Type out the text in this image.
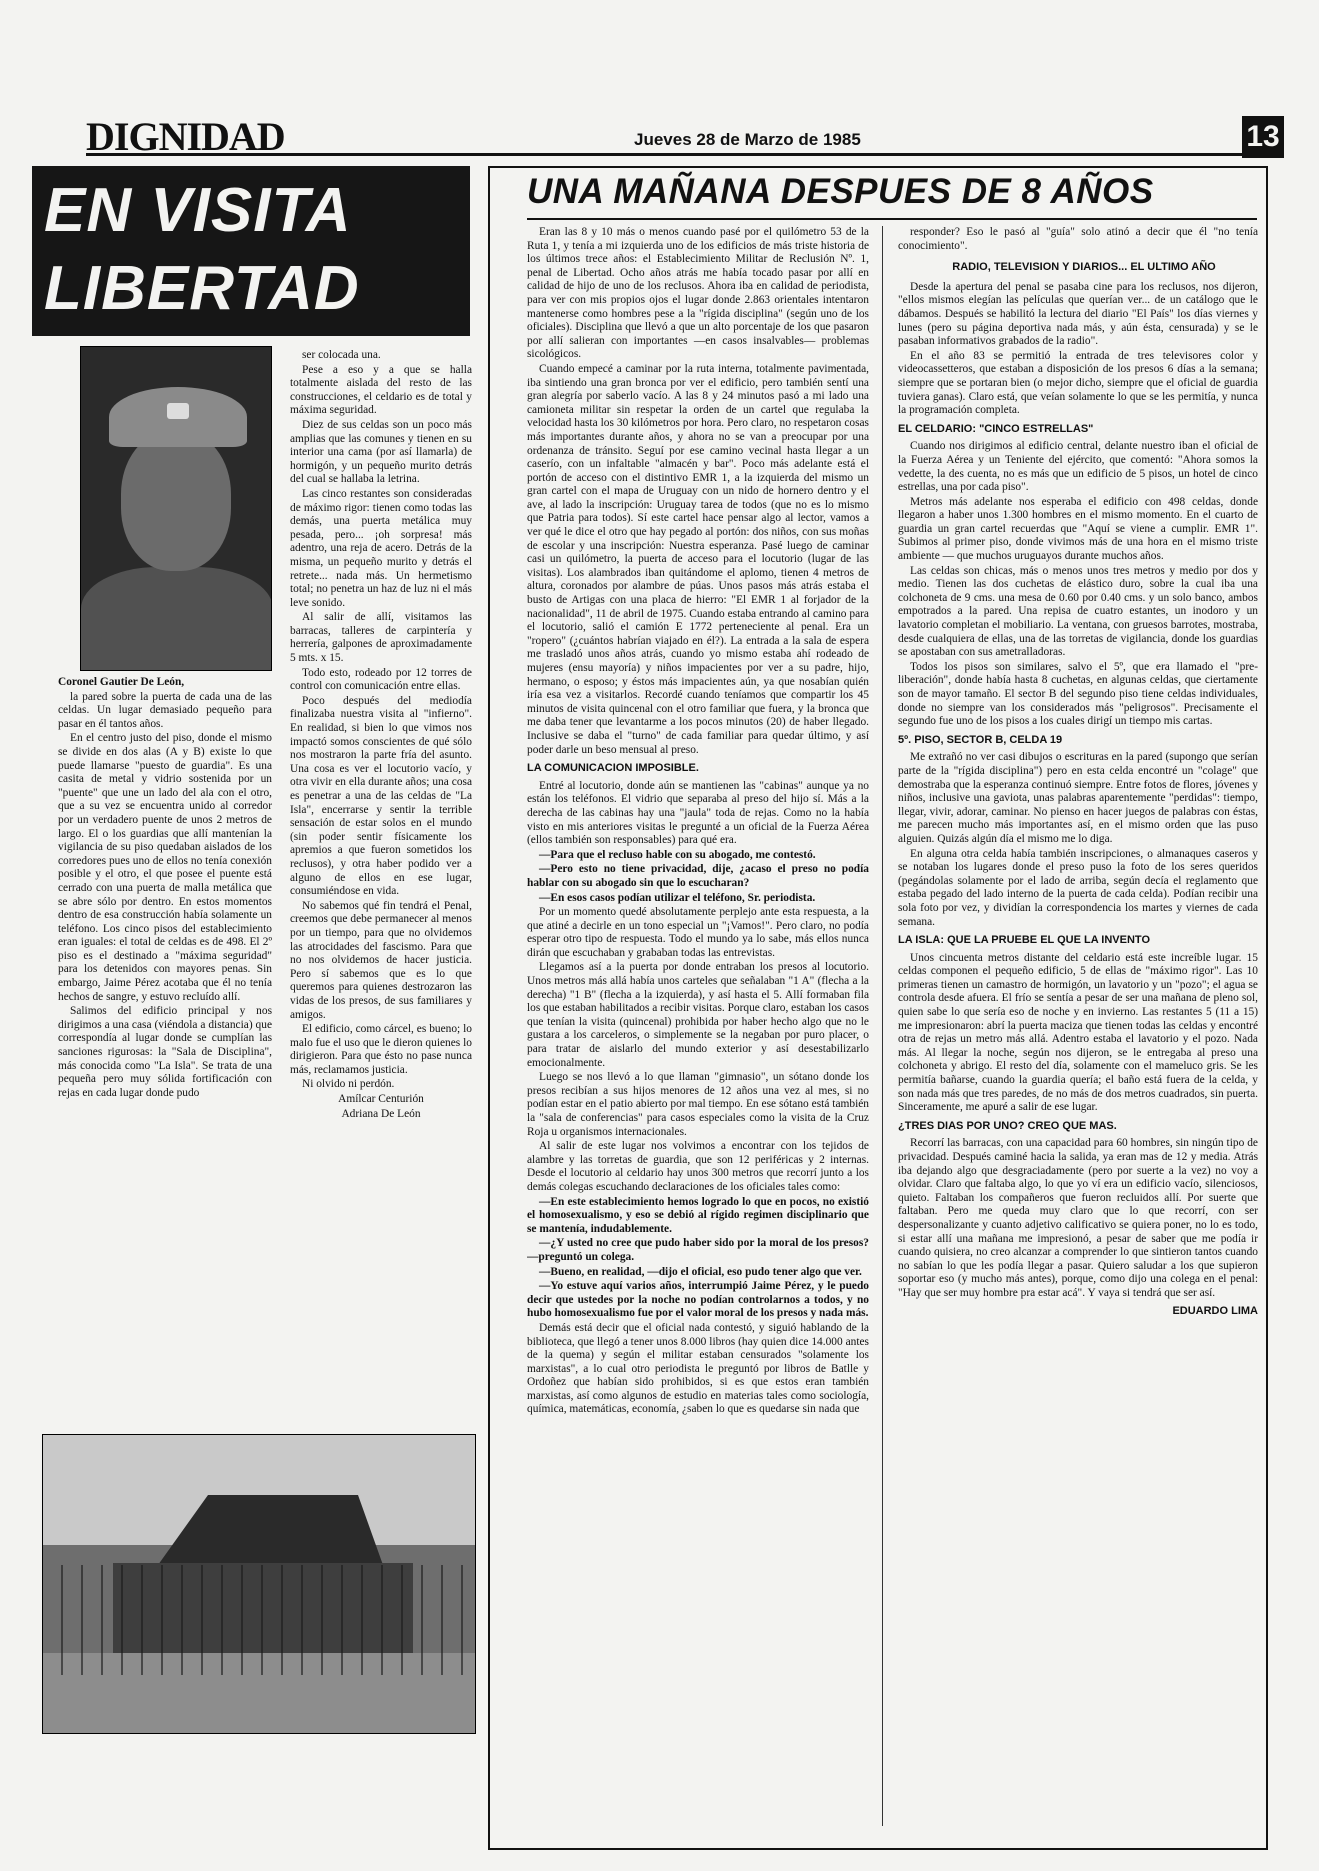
DIGNIDAD	Jueves 28 de Marzo de 1985	13
EN VISITA
LIBERTAD
UNA MAÑANA DESPUES DE 8 AÑOS

Coronel Gautier De León,

la pared sobre la puerta de cada una de las celdas. Un lugar demasiado pequeño para pasar en él tantos años.

En el centro justo del piso, donde el mismo se divide en dos alas (A y B) existe lo que puede llamarse "puesto de guardia". Es una casita de metal y vidrio sostenida por un "puente" que une un lado del ala con el otro, que a su vez se encuentra unido al corredor por un verdadero puente de unos 2 metros de largo. El o los guardias que allí mantenían la vigilancia de su piso quedaban aislados de los corredores pues uno de ellos no tenía conexión posible y el otro, el que posee el puente está cerrado con una puerta de malla metálica que se abre sólo por dentro. En estos momentos dentro de esa construcción había solamente un teléfono. Los cinco pisos del establecimiento eran iguales: el total de celdas es de 498. El 2º piso es el destinado a "máxima seguridad" para los detenidos con mayores penas. Sin embargo, Jaime Pérez acotaba que él no tenía hechos de sangre, y estuvo recluído allí.

Salimos del edificio principal y nos dirigimos a una casa (viéndola a distancia) que correspondía al lugar donde se cumplían las sanciones rigurosas: la "Sala de Disciplina", más conocida como "La Isla". Se trata de una pequeña pero muy sólida fortificación con rejas en cada lugar donde pudo

ser colocada una.

Pese a eso y a que se halla totalmente aislada del resto de las construcciones, el celdario es de total y máxima seguridad.

Diez de sus celdas son un poco más amplias que las comunes y tienen en su interior una cama (por así llamarla) de hormigón, y un pequeño murito detrás del cual se hallaba la letrina.

Las cinco restantes son consideradas de máximo rigor: tienen como todas las demás, una puerta metálica muy pesada, pero... ¡oh sorpresa! más adentro, una reja de acero. Detrás de la misma, un pequeño murito y detrás el retrete... nada más. Un hermetismo total; no penetra un haz de luz ni el más leve sonido.

Al salir de allí, visitamos las barracas, talleres de carpintería y herrería, galpones de aproximadamente 5 mts. x 15.

Todo esto, rodeado por 12 torres de control con comunicación entre ellas.

Poco después del mediodía finalizaba nuestra visita al "infierno". En realidad, si bien lo que vimos nos impactó somos conscientes de qué sólo nos mostraron la parte fría del asunto. Una cosa es ver el locutorio vacío, y otra vivir en ella durante años; una cosa es penetrar a una de las celdas de "La Isla", encerrarse y sentir la terrible sensación de estar solos en el mundo (sin poder sentir físicamente los apremios a que fueron sometidos los reclusos), y otra haber podido ver a alguno de ellos en ese lugar, consumiéndose en vida.

No sabemos qué fin tendrá el Penal, creemos que debe permanecer al menos por un tiempo, para que no olvidemos las atrocidades del fascismo. Para que no nos olvidemos de hacer justicia. Pero sí sabemos que es lo que queremos para quienes destrozaron las vidas de los presos, de sus familiares y amigos.

El edificio, como cárcel, es bueno; lo malo fue el uso que le dieron quienes lo dirigieron. Para que ésto no pase nunca más, reclamamos justicia.

Ni olvido ni perdón.

Amílcar Centurión

Adriana De León

Eran las 8 y 10 más o menos cuando pasé por el quilómetro 53 de la Ruta 1, y tenía a mi izquierda uno de los edificios de más triste historia de los últimos trece años: el Establecimiento Militar de Reclusión Nº. 1, penal de Libertad. Ocho años atrás me había tocado pasar por allí en calidad de hijo de uno de los reclusos. Ahora iba en calidad de periodista, para ver con mis propios ojos el lugar donde 2.863 orientales intentaron mantenerse como hombres pese a la "rígida disciplina" (según uno de los oficiales). Disciplina que llevó a que un alto porcentaje de los que pasaron por allí salieran con importantes —en casos insalvables— problemas sicológicos.

Cuando empecé a caminar por la ruta interna, totalmente pavimentada, iba sintiendo una gran bronca por ver el edificio, pero también sentí una gran alegría por saberlo vacío. A las 8 y 24 minutos pasó a mi lado una camioneta militar sin respetar la orden de un cartel que regulaba la velocidad hasta los 30 kilómetros por hora. Pero claro, no respetaron cosas más importantes durante años, y ahora no se van a preocupar por una ordenanza de tránsito. Seguí por ese camino vecinal hasta llegar a un caserío, con un infaltable "almacén y bar". Poco más adelante está el portón de acceso con el distintivo EMR 1, a la izquierda del mismo un gran cartel con el mapa de Uruguay con un nido de hornero dentro y el ave, al lado la inscripción: Uruguay tarea de todos (que no es lo mismo que Patria para todos). Sí este cartel hace pensar algo al lector, vamos a ver qué le dice el otro que hay pegado al portón: dos niños, con sus moñas de escolar y una inscripción: Nuestra esperanza. Pasé luego de caminar casi un quilómetro, la puerta de acceso para el locutorio (lugar de las visitas). Los alambrados iban quitándome el aplomo, tienen 4 metros de altura, coronados por alambre de púas. Unos pasos más atrás estaba el busto de Artigas con una placa de hierro: "El EMR 1 al forjador de la nacionalidad", 11 de abril de 1975. Cuando estaba entrando al camino para el locutorio, salió el camión E 1772 perteneciente al penal. Era un "ropero" (¿cuántos habrían viajado en él?). La entrada a la sala de espera me trasladó unos años atrás, cuando yo mismo estaba ahí rodeado de mujeres (ensu mayoría) y niños impacientes por ver a su padre, hijo, hermano, o esposo; y éstos más impacientes aún, ya que nosabían quién iría esa vez a visitarlos. Recordé cuando teníamos que compartir los 45 minutos de visita quincenal con el otro familiar que fuera, y la bronca que me daba tener que levantarme a los pocos minutos (20) de haber llegado. Inclusive se daba el "turno" de cada familiar para quedar último, y así poder darle un beso mensual al preso.

LA COMUNICACION IMPOSIBLE.

Entré al locutorio, donde aún se mantienen las "cabinas" aunque ya no están los teléfonos. El vidrio que separaba al preso del hijo sí. Más a la derecha de las cabinas hay una "jaula" toda de rejas. Como no la había visto en mis anteriores visitas le pregunté a un oficial de la Fuerza Aérea (ellos también son responsables) para qué era.

—Para que el recluso hable con su abogado, me contestó.

—Pero esto no tiene privacidad, dije, ¿acaso el preso no podía hablar con su abogado sin que lo escucharan?

—En esos casos podían utilizar el teléfono, Sr. periodista.

Por un momento quedé absolutamente perplejo ante esta respuesta, a la que atiné a decirle en un tono especial un "¡Vamos!". Pero claro, no podía esperar otro tipo de respuesta. Todo el mundo ya lo sabe, más ellos nunca dirán que escuchaban y grababan todas las entrevistas.

Llegamos así a la puerta por donde entraban los presos al locutorio. Unos metros más allá había unos carteles que señalaban "1 A" (flecha a la derecha) "1 B" (flecha a la izquierda), y así hasta el 5. Allí formaban fila los que estaban habilitados a recibir visitas. Porque claro, estaban los casos que tenían la visita (quincenal) prohibida por haber hecho algo que no le gustara a los carceleros, o simplemente se la negaban por puro placer, o para tratar de aislarlo del mundo exterior y así desestabilizarlo emocionalmente.

Luego se nos llevó a lo que llaman "gimnasio", un sótano donde los presos recibían a sus hijos menores de 12 años una vez al mes, si no podían estar en el patio abierto por mal tiempo. En ese sótano está también la "sala de conferencias" para casos especiales como la visita de la Cruz Roja u organismos internacionales.

Al salir de este lugar nos volvimos a encontrar con los tejidos de alambre y las torretas de guardia, que son 12 periféricas y 2 internas. Desde el locutorio al celdario hay unos 300 metros que recorrí junto a los demás colegas escuchando declaraciones de los oficiales tales como:

—En este establecimiento hemos logrado lo que en pocos, no existió el homosexualismo, y eso se debió al rígido regimen disciplinario que se mantenía, indudablemente.

—¿Y usted no cree que pudo haber sido por la moral de los presos? —preguntó un colega.

—Bueno, en realidad, —dijo el oficial, eso pudo tener algo que ver.

—Yo estuve aquí varios años, interrumpió Jaime Pérez, y le puedo decir que ustedes por la noche no podían controlarnos a todos, y no hubo homosexualismo fue por el valor moral de los presos y nada más.

Demás está decir que el oficial nada contestó, y siguió hablando de la biblioteca, que llegó a tener unos 8.000 libros (hay quien dice 14.000 antes de la quema) y según el militar estaban censurados "solamente los marxistas", a lo cual otro periodista le preguntó por libros de Batlle y Ordoñez que habían sido prohibidos, si es que estos eran también marxistas, así como algunos de estudio en materias tales como sociología, química, matemáticas, economía, ¿saben lo que es quedarse sin nada que

responder? Eso le pasó al "guía" solo atinó a decir que él "no tenía conocimiento".

RADIO, TELEVISION Y DIARIOS... EL ULTIMO AÑO

Desde la apertura del penal se pasaba cine para los reclusos, nos dijeron, "ellos mismos elegían las películas que querían ver... de un catálogo que le dábamos. Después se habilitó la lectura del diario "El País" los días viernes y lunes (pero su página deportiva nada más, y aún ésta, censurada) y se le pasaban informativos grabados de la radio".

En el año 83 se permitió la entrada de tres televisores color y videocassetteros, que estaban a disposición de los presos 6 días a la semana; siempre que se portaran bien (o mejor dicho, siempre que el oficial de guardia tuviera ganas). Claro está, que veían solamente lo que se les permitía, y nunca la programación completa.

EL CELDARIO: "CINCO ESTRELLAS"

Cuando nos dirigimos al edificio central, delante nuestro iban el oficial de la Fuerza Aérea y un Teniente del ejército, que comentó: "Ahora somos la vedette, la des cuenta, no es más que un edificio de 5 pisos, un hotel de cinco estrellas, una por cada piso".

Metros más adelante nos esperaba el edificio con 498 celdas, donde llegaron a haber unos 1.300 hombres en el mismo momento. En el cuarto de guardia un gran cartel recuerdas que "Aquí se viene a cumplir. EMR 1". Subimos al primer piso, donde vivimos más de una hora en el mismo triste ambiente — que muchos uruguayos durante muchos años.

Las celdas son chicas, más o menos unos tres metros y medio por dos y medio. Tienen las dos cuchetas de elástico duro, sobre la cual iba una colchoneta de 9 cms. una mesa de 0.60 por 0.40 cms. y un solo banco, ambos empotrados a la pared. Una repisa de cuatro estantes, un inodoro y un lavatorio completan el mobiliario. La ventana, con gruesos barrotes, mostraba, desde cualquiera de ellas, una de las torretas de vigilancia, donde los guardias se apostaban con sus ametralladoras.

Todos los pisos son similares, salvo el 5º, que era llamado el "pre-liberación", donde había hasta 8 cuchetas, en algunas celdas, que ciertamente son de mayor tamaño. El sector B del segundo piso tiene celdas individuales, donde no siempre van los considerados más "peligrosos". Precisamente el segundo fue uno de los pisos a los cuales dirigí un tiempo mis cartas.

5º. PISO, SECTOR B, CELDA 19

Me extrañó no ver casi dibujos o escrituras en la pared (supongo que serían parte de la "rígida disciplina") pero en esta celda encontré un "colage" que demostraba que la esperanza continuó siempre. Entre fotos de flores, jóvenes y niños, inclusive una gaviota, unas palabras aparentemente "perdidas": tiempo, llegar, vivir, adorar, caminar. No pienso en hacer juegos de palabras con éstas, me parecen mucho más importantes así, en el mismo orden que las puso alguien. Quizás algún día el mismo me lo diga.

En alguna otra celda había también inscripciones, o almanaques caseros y se notaban los lugares donde el preso puso la foto de los seres queridos (pegándolas solamente por el lado de arriba, según decía el reglamento que estaba pegado del lado interno de la puerta de cada celda). Podían recibir una sola foto por vez, y dividían la correspondencia los martes y viernes de cada semana.

LA ISLA: QUE LA PRUEBE EL QUE LA INVENTO

Unos cincuenta metros distante del celdario está este increíble lugar. 15 celdas componen el pequeño edificio, 5 de ellas de "máximo rigor". Las 10 primeras tienen un camastro de hormigón, un lavatorio y un "pozo"; el agua se controla desde afuera. El frío se sentía a pesar de ser una mañana de pleno sol, quien sabe lo que sería eso de noche y en invierno. Las restantes 5 (11 a 15) me impresionaron: abrí la puerta maciza que tienen todas las celdas y encontré otra de rejas un metro más allá. Adentro estaba el lavatorio y el pozo. Nada más. Al llegar la noche, según nos dijeron, se le entregaba al preso una colchoneta y abrigo. El resto del día, solamente con el mameluco gris. Se les permitía bañarse, cuando la guardia quería; el baño está fuera de la celda, y son nada más que tres paredes, de no más de dos metros cuadrados, sin puerta. Sinceramente, me apuré a salir de ese lugar.

¿TRES DIAS POR UNO? CREO QUE MAS.

Recorrí las barracas, con una capacidad para 60 hombres, sin ningún tipo de privacidad. Después caminé hacia la salida, ya eran mas de 12 y media. Atrás iba dejando algo que desgraciadamente (pero por suerte a la vez) no voy a olvidar. Claro que faltaba algo, lo que yo ví era un edificio vacío, silenciosos, quieto. Faltaban los compañeros que fueron recluidos allí. Por suerte que faltaban. Pero me queda muy claro que lo que recorrí, con ser despersonalizante y cuanto adjetivo calificativo se quiera poner, no lo es todo, si estar allí una mañana me impresionó, a pesar de saber que me podía ir cuando quisiera, no creo alcanzar a comprender lo que sintieron tantos cuando no sabían lo que les podía llegar a pasar. Quiero saludar a los que supieron soportar eso (y mucho más antes), porque, como dijo una colega en el penal: "Hay que ser muy hombre pra estar acá". Y vaya si tendrá que ser así.

EDUARDO LIMA
